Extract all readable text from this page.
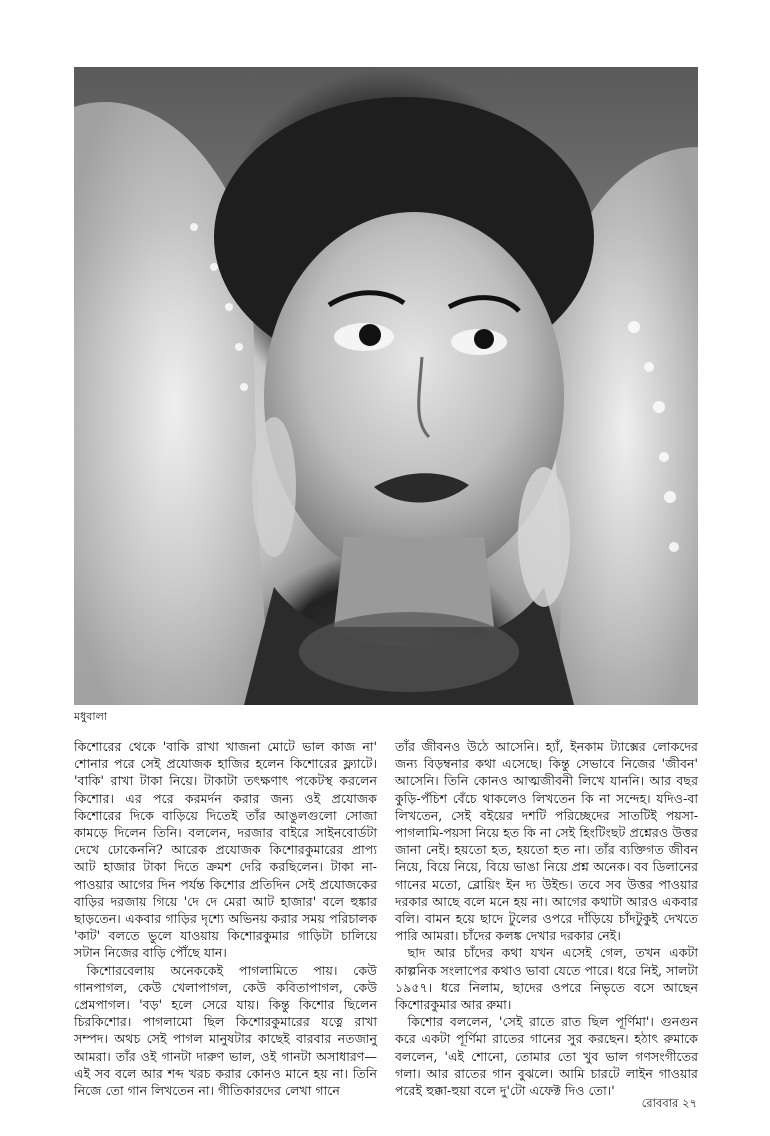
মধুবালা

কিশোরের থেকে 'বাকি রাখা খাজনা মোটে ভাল কাজ না' শোনার পরে সেই প্রযোজক হাজির হলেন কিশোরের ফ্ল্যাটে। 'বাকি' রাখা টাকা নিয়ে। টাকাটা তৎক্ষণাৎ পকেটস্থ করলেন কিশোর। এর পরে করমর্দন করার জন্য ওই প্রযোজক কিশোরের দিকে বাড়িয়ে দিতেই তাঁর আঙুলগুলো সোজা কামড়ে দিলেন তিনি। বললেন, দরজার বাইরে সাইনবোর্ডটা দেখে ঢোকেননি? আরেক প্রযোজক কিশোরকুমারের প্রাপ্য আট হাজার টাকা দিতে ক্রমশ দেরি করছিলেন। টাকা না-পাওয়ার আগের দিন পর্যন্ত কিশোর প্রতিদিন সেই প্রযোজকের বাড়ির দরজায় গিয়ে 'দে দে মেরা আট হাজার' বলে হুঙ্কার ছাড়তেন। একবার গাড়ির দৃশ্যে অভিনয় করার সময় পরিচালক 'কাট' বলতে ভুলে যাওয়ায় কিশোরকুমার গাড়িটা চালিয়ে সটান নিজের বাড়ি পৌঁছে যান।

কিশোরবেলায় অনেককেই পাগলামিতে পায়। কেউ গানপাগল, কেউ খেলাপাগল, কেউ কবিতাপাগল, কেউ প্রেমপাগল। 'বড়' হলে সেরে যায়। কিন্তু কিশোর ছিলেন চিরকিশোর। পাগলামো ছিল কিশোরকুমারের যত্নে রাখা সম্পদ। অথচ সেই পাগল মানুষটার কাছেই বারবার নতজানু আমরা। তাঁর ওই গানটা দারুণ ভাল, ওই গানটা অসাধারণ—এই সব বলে আর শব্দ খরচ করার কোনও মানে হয় না। তিনি নিজে তো গান লিখতেন না। গীতিকারদের লেখা গানে

তাঁর জীবনও উঠে আসেনি। হ্যাঁ, ইনকাম ট্যাক্সের লোকদের জন্য বিড়ম্বনার কথা এসেছে। কিন্তু সেভাবে নিজের 'জীবন' আসেনি। তিনি কোনও আত্মজীবনী লিখে যাননি। আর বছর কুড়ি-পঁচিশ বেঁচে থাকলেও লিখতেন কি না সন্দেহ। যদিও-বা লিখতেন, সেই বইয়ের দশটি পরিচ্ছেদের সাতটিই পয়সা-পাগলামি-পয়সা নিয়ে হত কি না সেই হিংটিংছট প্রশ্নেরও উত্তর জানা নেই। হয়তো হত, হয়তো হত না। তাঁর ব্যক্তিগত জীবন নিয়ে, বিয়ে নিয়ে, বিয়ে ভাঙা নিয়ে প্রশ্ন অনেক। বব ডিলানের গানের মতো, ব্লোয়িং ইন দ্য উইন্ড। তবে সব উত্তর পাওয়ার দরকার আছে বলে মনে হয় না। আগের কথাটা আরও একবার বলি। বামন হয়ে ছাদে টুলের ওপরে দাঁড়িয়ে চাঁদটুকুই দেখতে পারি আমরা। চাঁদের কলঙ্ক দেখার দরকার নেই।

ছাদ আর চাঁদের কথা যখন এসেই গেল, তখন একটা কাল্পনিক সংলাপের কথাও ভাবা যেতে পারে। ধরে নিই, সালটা ১৯৫৭। ধরে নিলাম, ছাদের ওপরে নিভৃতে বসে আছেন কিশোরকুমার আর রুমা।

কিশোর বললেন, 'সেই রাতে রাত ছিল পূর্ণিমা'। গুনগুন করে একটা পূর্ণিমা রাতের গানের সুর করছেন। হঠাৎ রুমাকে বললেন, 'এই শোনো, তোমার তো খুব ভাল গণসংগীতের গলা। আর রাতের গান বুঝলে। আমি চারটে লাইন গাওয়ার পরেই হুক্কা-হুয়া বলে দু'টো এফেক্ট দিও তো।'

রোববার ২৭
